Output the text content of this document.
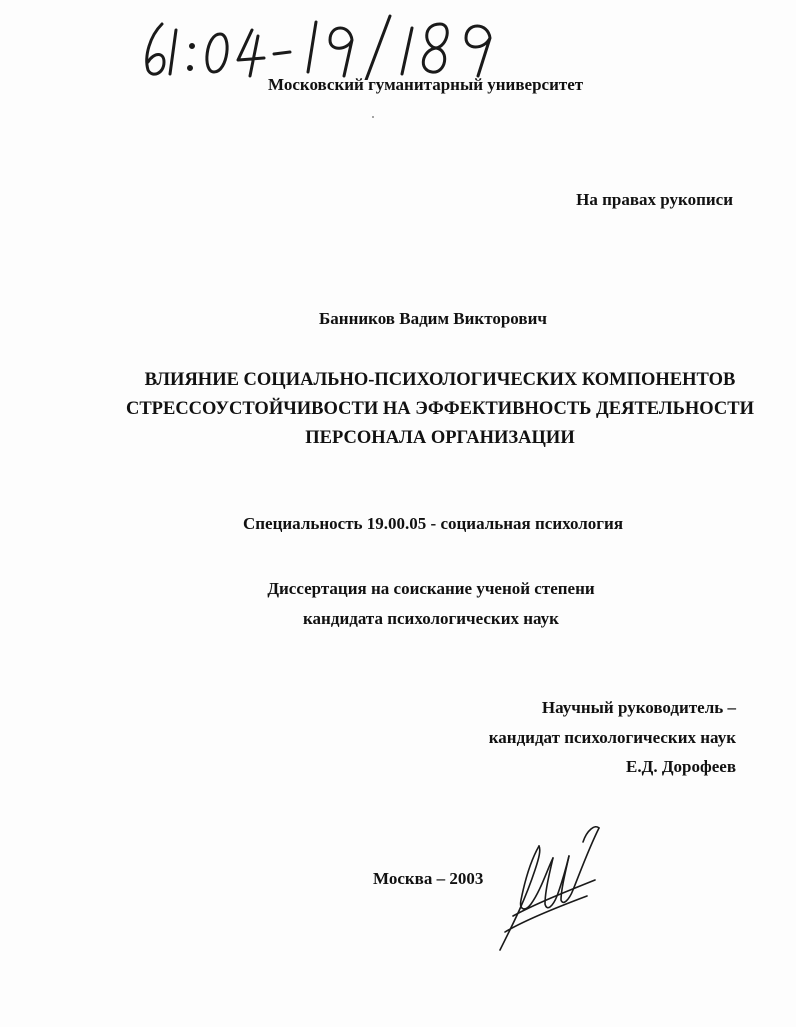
Московский гуманитарный университет
На правах рукописи
Банников Вадим Викторович
ВЛИЯНИЕ СОЦИАЛЬНО-ПСИХОЛОГИЧЕСКИХ КОМПОНЕНТОВ
СТРЕССОУСТОЙЧИВОСТИ НА ЭФФЕКТИВНОСТЬ ДЕЯТЕЛЬНОСТИ
ПЕРСОНАЛА ОРГАНИЗАЦИИ
Специальность 19.00.05 - социальная психология
Диссертация на соискание ученой степени
кандидата психологических наук
Научный руководитель –
кандидат психологических наук
Е.Д. Дорофеев
Москва – 2003
